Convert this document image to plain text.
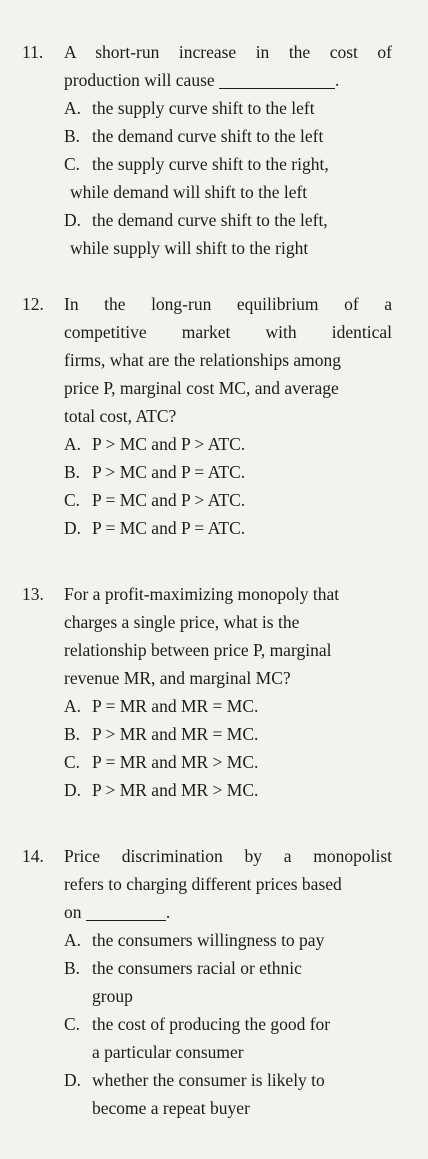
11.	A short-run increase in the cost of
production will cause	.
A. the supply curve shift to the left
B. the demand curve shift to the left
C. the supply curve shift to the right,
while demand will shift to the left
D. the demand curve shift to the left,
while supply will shift to the right
12.	In the long-run equilibrium of a
competitive market with identical
firms, what are the relationships among
price P, marginal cost MC, and average
total cost, ATC?
A. P > MC and P > ATC.
B. P > MC and P = ATC.
C. P = MC and P > ATC.
D. P = MC and P = ATC.
13.	For a profit-maximizing monopoly that
charges a single price, what is the
relationship between price P, marginal
revenue MR, and marginal MC?
A. P = MR and MR = MC.
B. P > MR and MR = MC.
C. P = MR and MR > MC.
D. P > MR and MR > MC.
14.	Price discrimination by a monopolist
refers to charging different prices based
on	.
A. the consumers willingness to pay
B. the consumers racial or ethnic
group
C. the cost of producing the good for
a particular consumer
D. whether the consumer is likely to
become a repeat buyer
